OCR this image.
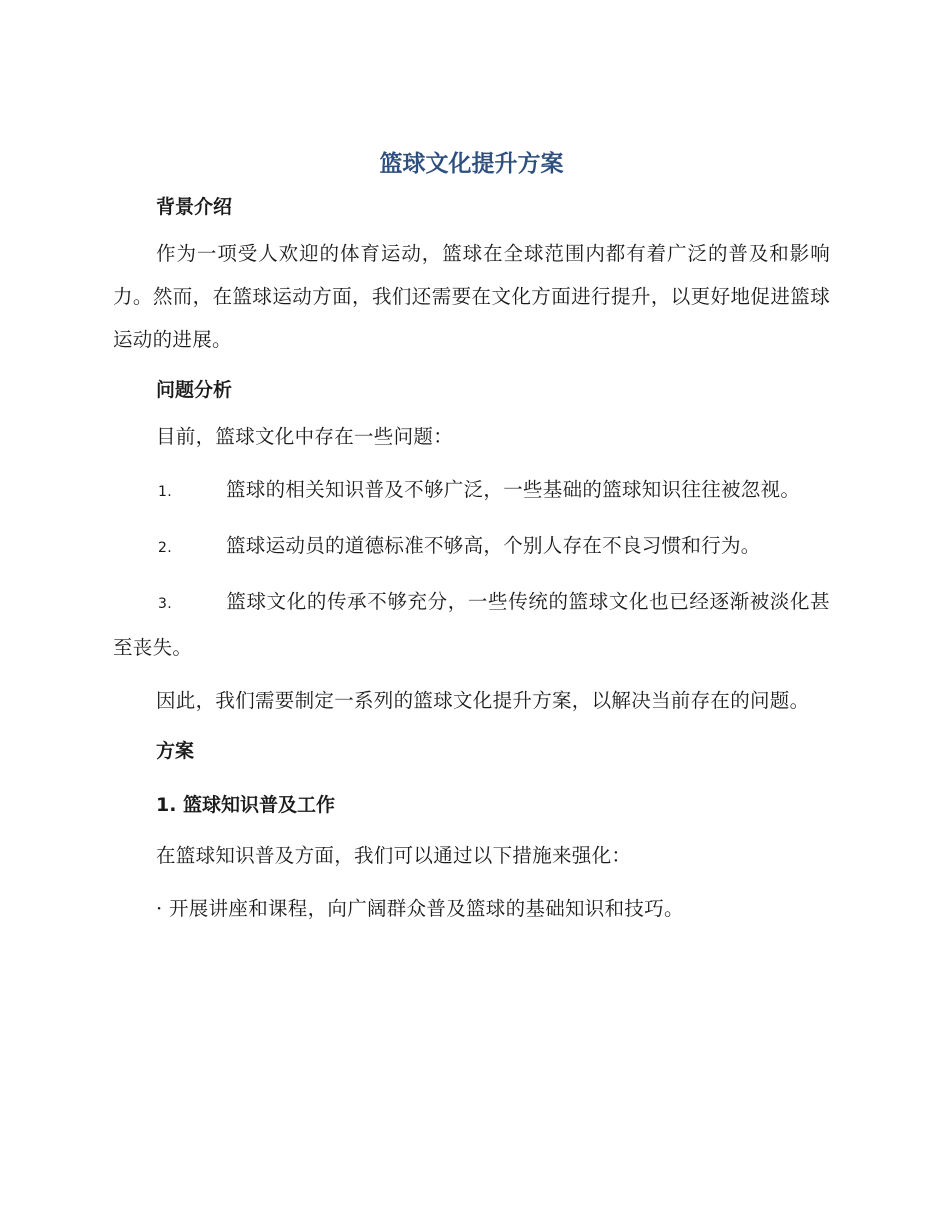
篮球文化提升方案
背景介绍

作为一项受人欢迎的体育运动，篮球在全球范围内都有着广泛的普及和影响力。然而，在篮球运动方面，我们还需要在文化方面进行提升，以更好地促进篮球运动的进展。

问题分析

目前，篮球文化中存在一些问题：

1.	篮球的相关知识普及不够广泛，一些基础的篮球知识往往被忽视。

2.	篮球运动员的道德标准不够高，个别人存在不良习惯和行为。

3.	篮球文化的传承不够充分，一些传统的篮球文化也已经逐渐被淡化甚至丧失。

因此，我们需要制定一系列的篮球文化提升方案，以解决当前存在的问题。

方案
1. 篮球知识普及工作

在篮球知识普及方面，我们可以通过以下措施来强化：

· 开展讲座和课程，向广阔群众普及篮球的基础知识和技巧。
